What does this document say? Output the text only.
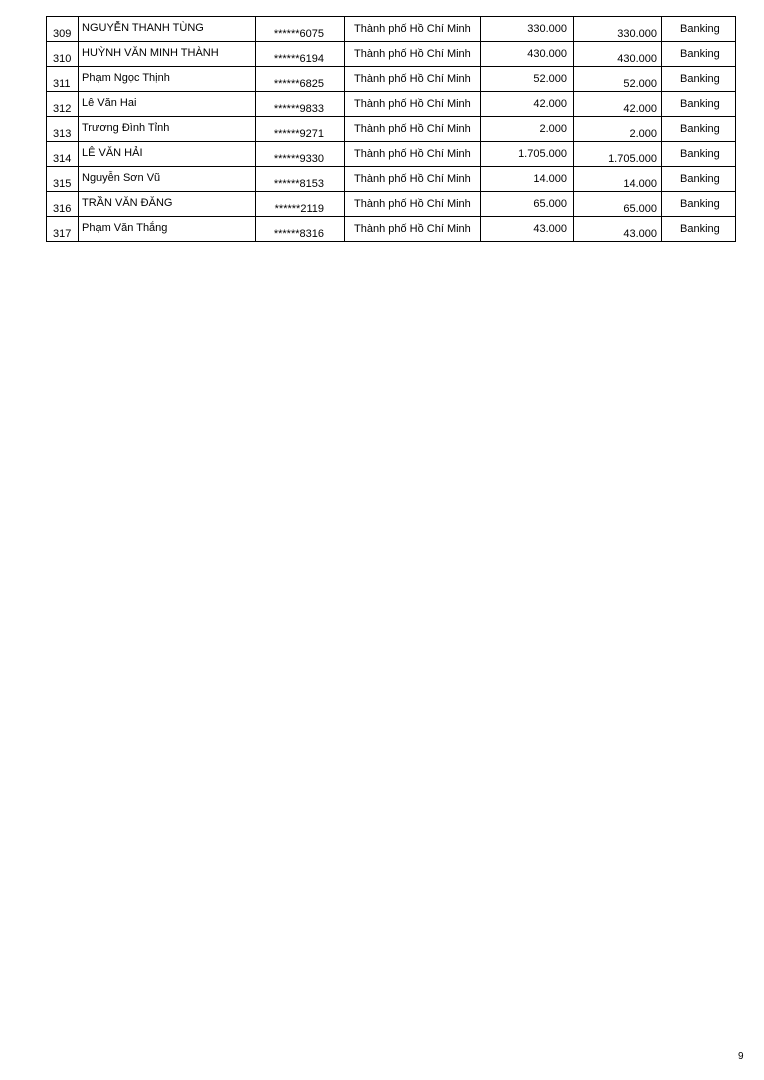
309	NGUYỄN THANH TÙNG	******6075	Thành phố Hồ Chí Minh	330.000	330.000	Banking

310	HUỲNH VĂN MINH THÀNH	******6194	Thành phố Hồ Chí Minh	430.000	430.000	Banking

311	Phạm Ngọc Thịnh	******6825	Thành phố Hồ Chí Minh	52.000	52.000	Banking

312	Lê Văn Hai	******9833	Thành phố Hồ Chí Minh	42.000	42.000	Banking

313	Trương Đình Tỉnh	******9271	Thành phố Hồ Chí Minh	2.000	2.000	Banking

314	LÊ VĂN HẢI	******9330	Thành phố Hồ Chí Minh	1.705.000	1.705.000	Banking

315	Nguyễn Sơn Vũ	******8153	Thành phố Hồ Chí Minh	14.000	14.000	Banking

316	TRẦN VĂN ĐĂNG	******2119	Thành phố Hồ Chí Minh	65.000	65.000	Banking

317	Phạm Văn Thắng	******8316	Thành phố Hồ Chí Minh	43.000	43.000	Banking
9
